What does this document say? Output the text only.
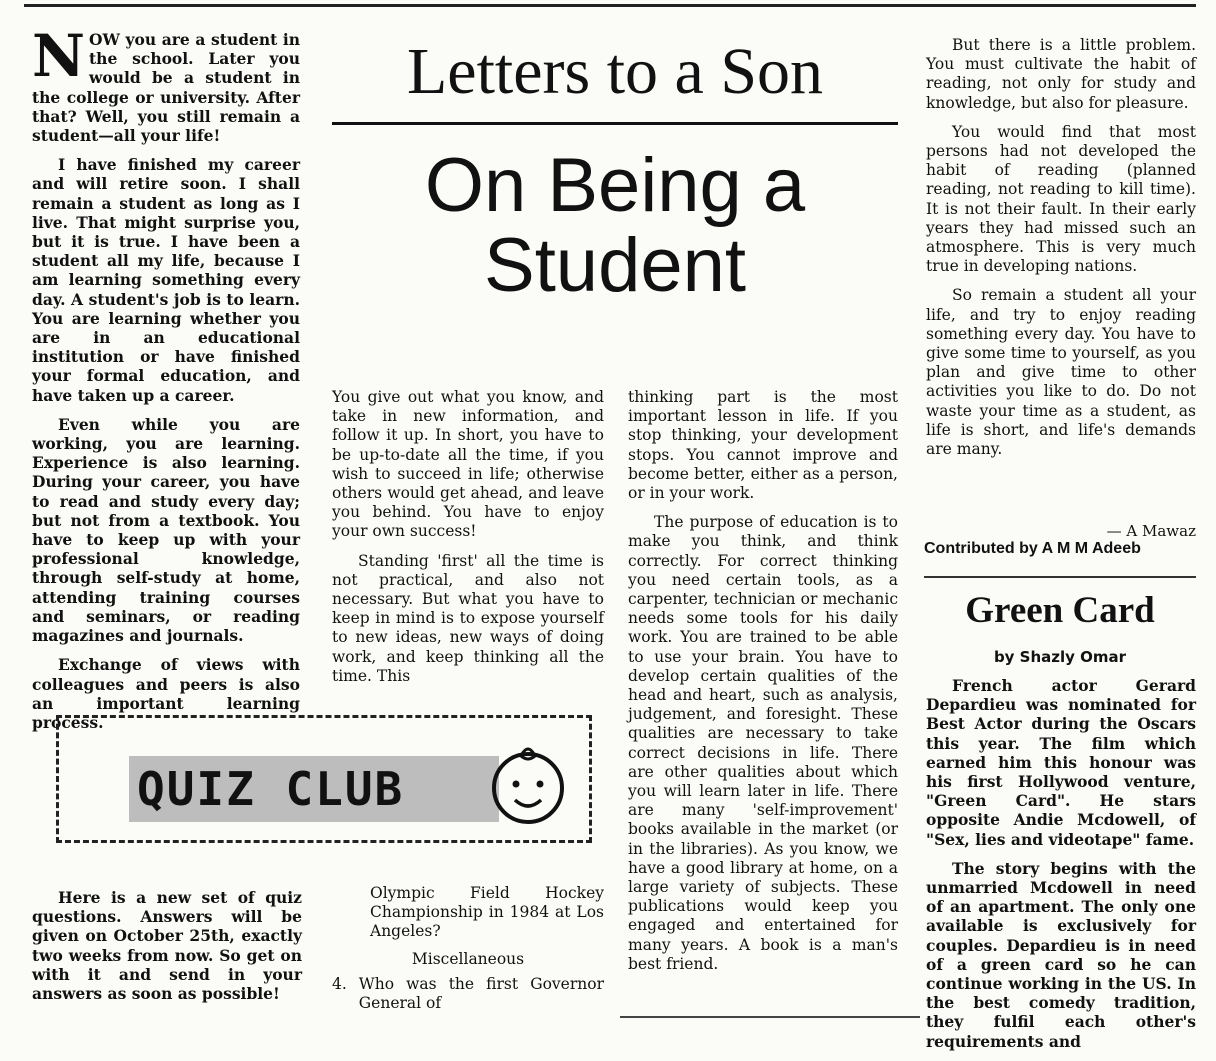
NOW you are a student in the school. Later you would be a student in the college or university. After that? Well, you still remain a student—all your life!

I have finished my career and will retire soon. I shall remain a student as long as I live. That might surprise you, but it is true. I have been a student all my life, because I am learning something every day. A student's job is to learn. You are learning whether you are in an educational institution or have finished your formal education, and have taken up a career.

Even while you are working, you are learning. Experience is also learning. During your career, you have to read and study every day; but not from a textbook. You have to keep up with your professional knowledge, through self-study at home, attending training courses and seminars, or reading magazines and journals.

Exchange of views with colleagues and peers is also an important learning process.

Letters to a Son
On Being a Student

You give out what you know, and take in new information, and follow it up. In short, you have to be up-to-date all the time, if you wish to succeed in life; otherwise others would get ahead, and leave you behind. You have to enjoy your own success!

Standing 'first' all the time is not practical, and also not necessary. But what you have to keep in mind is to expose yourself to new ideas, new ways of doing work, and keep thinking all the time. This

thinking part is the most important lesson in life. If you stop thinking, your development stops. You cannot improve and become better, either as a person, or in your work.

The purpose of education is to make you think, and think correctly. For correct thinking you need certain tools, as a carpenter, technician or mechanic needs some tools for his daily work. You are trained to be able to use your brain. You have to develop certain qualities of the head and heart, such as analysis, judgement, and foresight. These qualities are necessary to take correct decisions in life. There are other qualities about which you will learn later in life. There are many 'self-improvement' books available in the market (or in the libraries). As you know, we have a good library at home, on a large variety of subjects. These publications would keep you engaged and entertained for many years. A book is a man's best friend.

But there is a little problem. You must cultivate the habit of reading, not only for study and knowledge, but also for pleasure.

You would find that most persons had not developed the habit of reading (planned reading, not reading to kill time). It is not their fault. In their early years they had missed such an atmosphere. This is very much true in developing nations.

So remain a student all your life, and try to enjoy reading something every day. You have to give some time to yourself, as you plan and give time to other activities you like to do. Do not waste your time as a student, as life is short, and life's demands are many.

— A Mawaz
Contributed by A M M Adeeb
Green Card
by Shazly Omar

French actor Gerard Depardieu was nominated for Best Actor during the Oscars this year. The film which earned him this honour was his first Hollywood venture, "Green Card". He stars opposite Andie Mcdowell, of "Sex, lies and videotape" fame.

The story begins with the unmarried Mcdowell in need of an apartment. The only one available is exclusively for couples. Depardieu is in need of a green card so he can continue working in the US. In the best comedy tradition, they fulfil each other's requirements and

QUIZ CLUB

Here is a new set of quiz questions. Answers will be given on October 25th, exactly two weeks from now. So get on with it and send in your answers as soon as possible!

Olympic Field Hockey Championship in 1984 at Los Angeles?

Miscellaneous

4. Who was the first Governor General of
